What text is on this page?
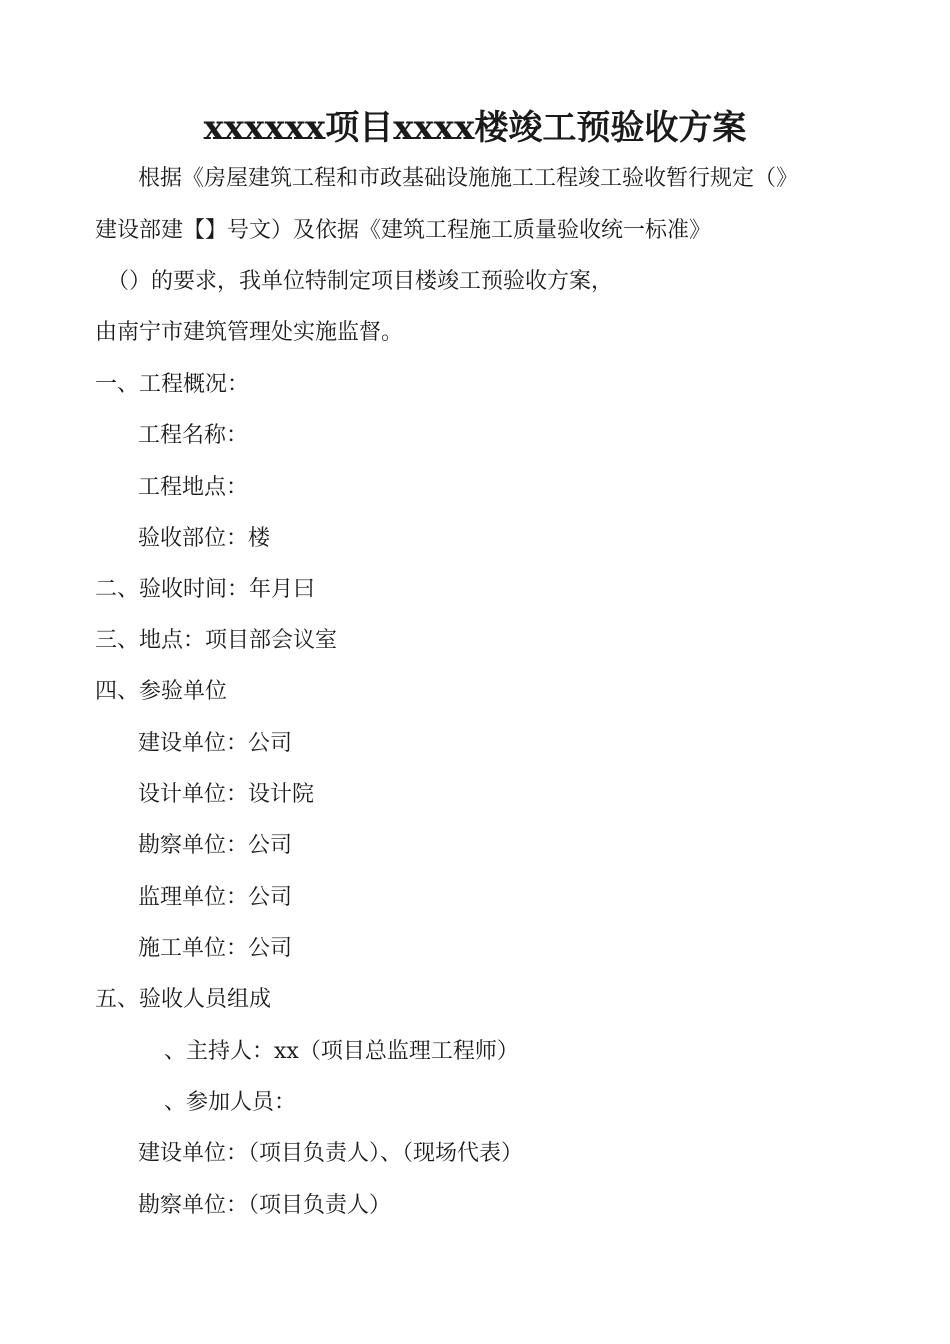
xxxxxx项目xxxx楼竣工预验收方案
根据《房屋建筑工程和市政基础设施施工工程竣工验收暂行规定（》
建设部建【】号文）及依据《建筑工程施工质量验收统一标准》
（）的要求，我单位特制定项目楼竣工预验收方案，
由南宁市建筑管理处实施监督。
一、工程概况：
工程名称：
工程地点：
验收部位：楼
二、验收时间：年月曰
三、地点：项目部会议室
四、参验单位
建设单位：公司
设计单位：设计院
勘察单位：公司
监理单位：公司
施工单位：公司
五、验收人员组成
、主持人：xx（项目总监理工程师）
、参加人员：
建设单位：（项目负责人）、（现场代表）
勘察单位：（项目负责人）
